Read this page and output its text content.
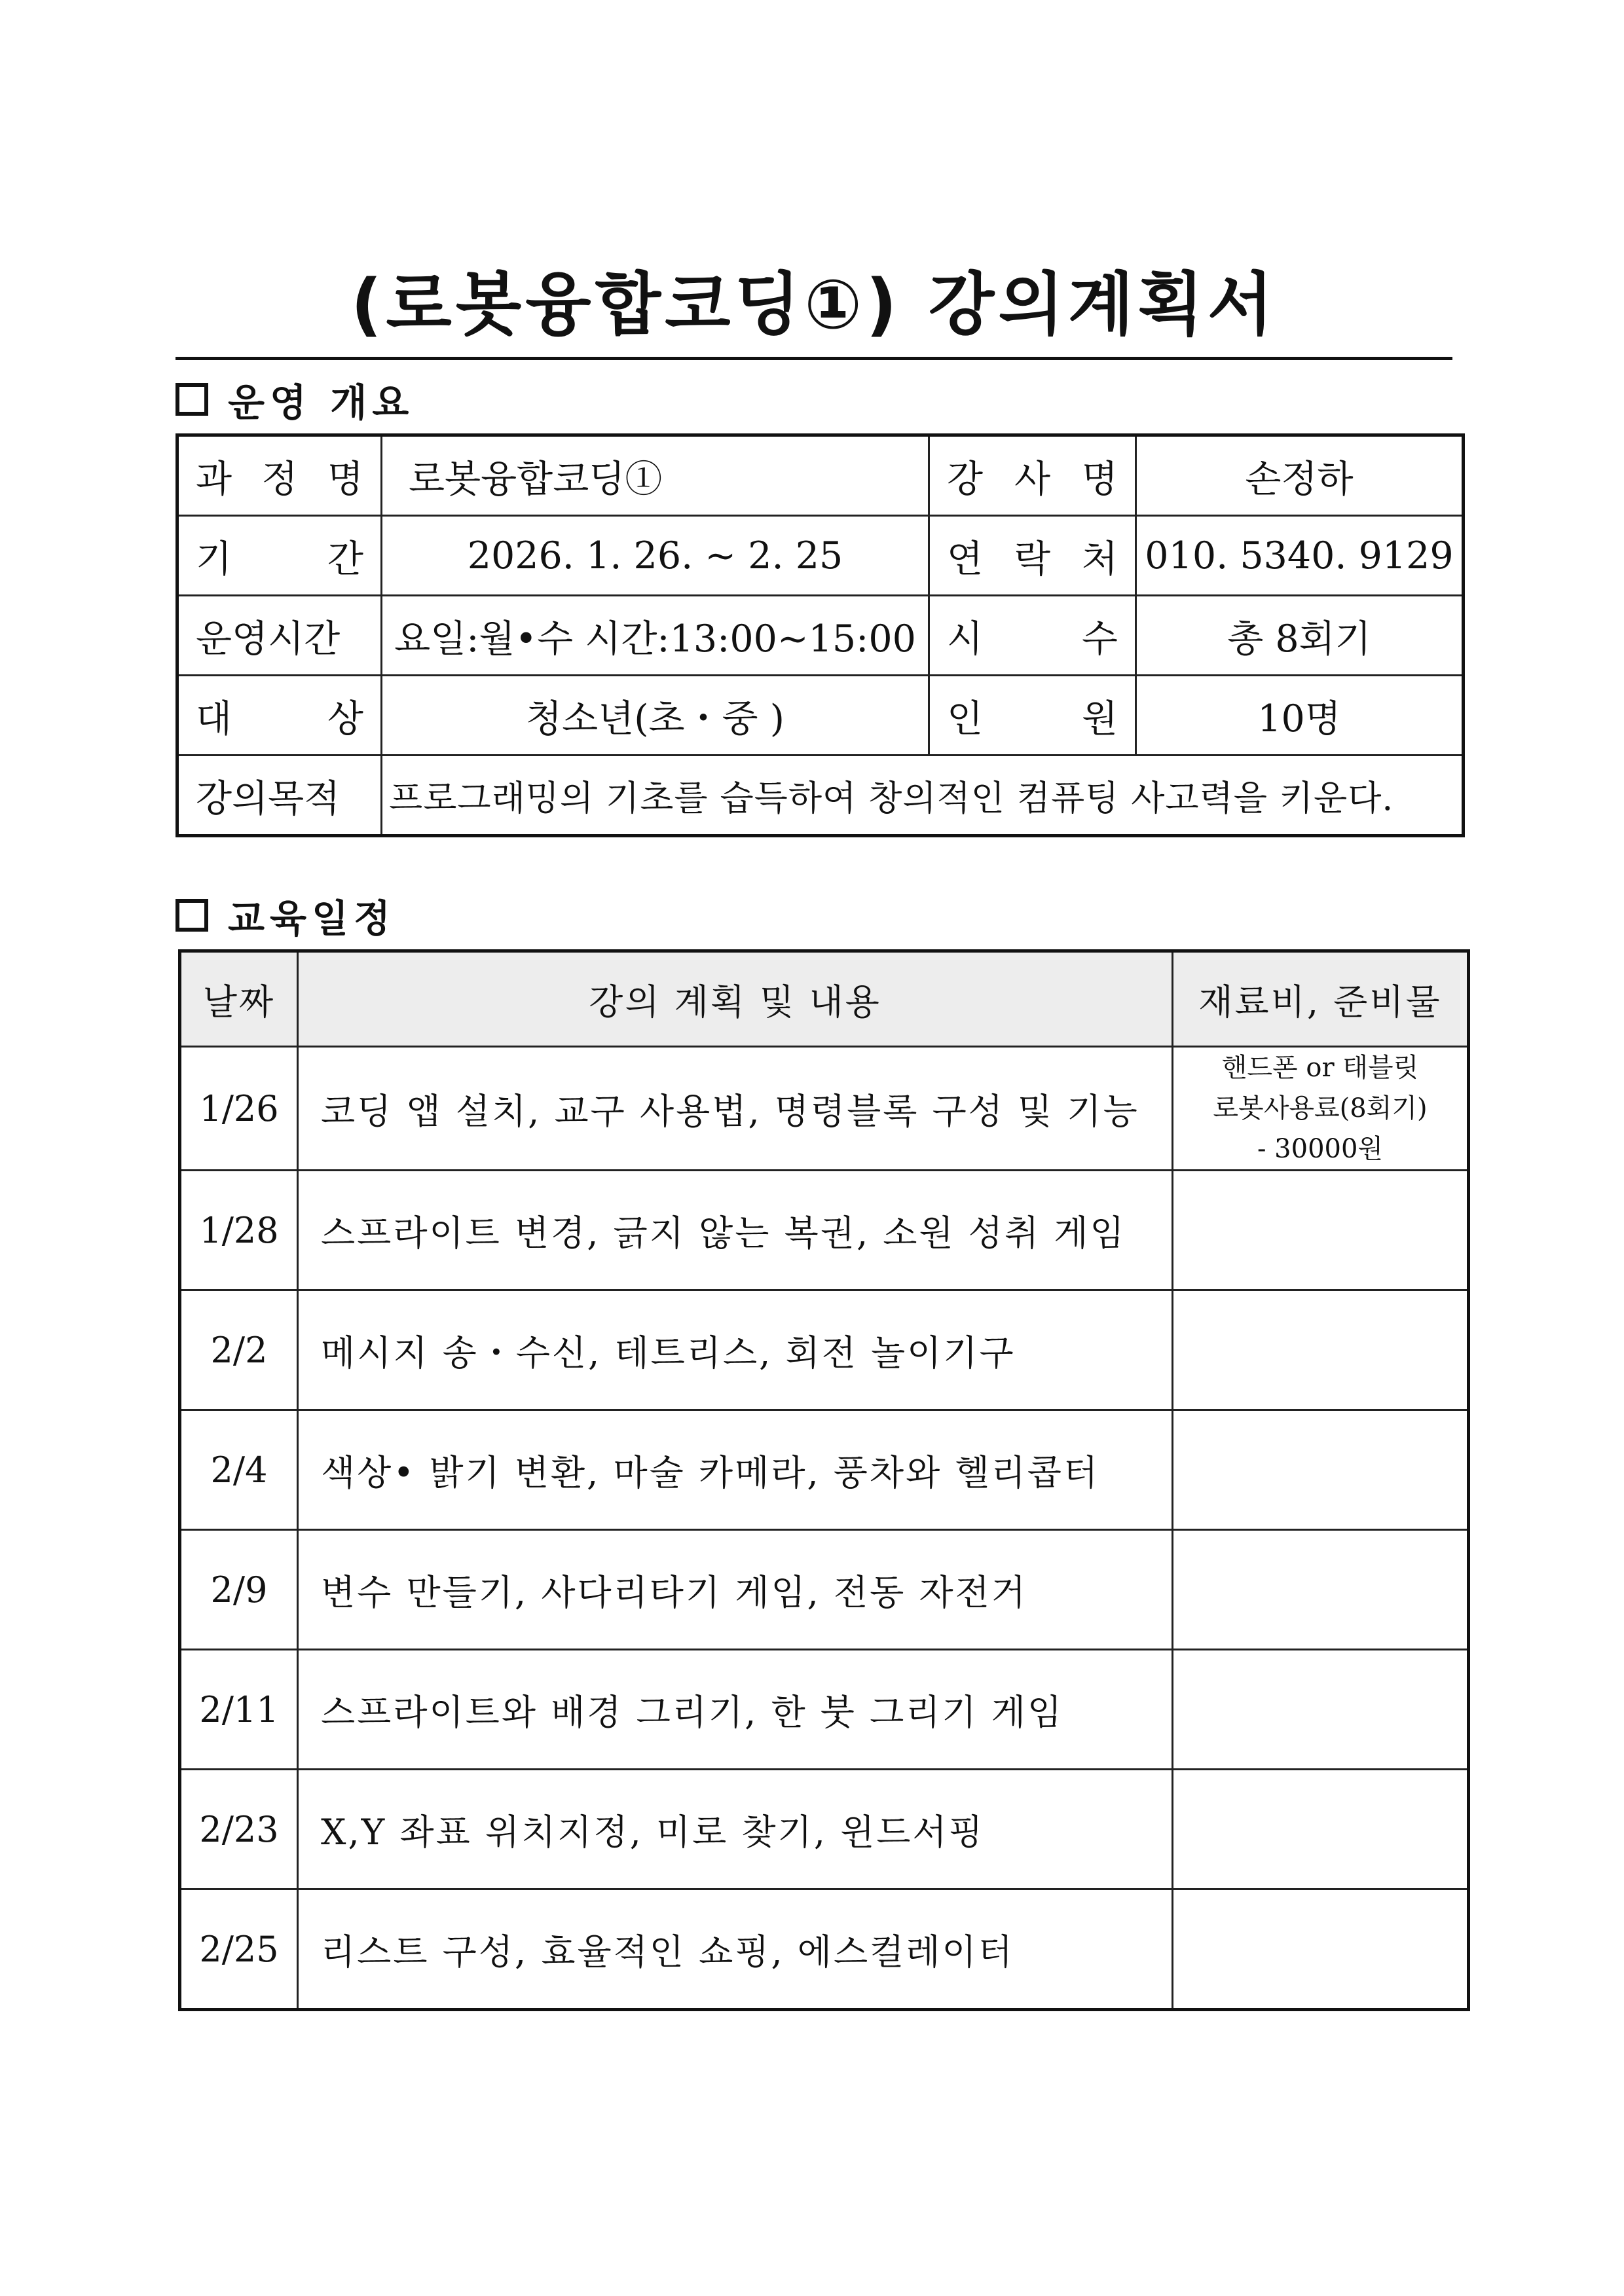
(로봇융합코딩①) 강의계획서
운영 개요
과 정 명	로봇융합코딩①	강 사 명	손정하
기 간	2026. 1. 26. ~ 2. 25	연 락 처	010. 5340. 9129
운영시간	요일:월•수 시간:13:00~15:00	시 수	총 8회기
대 상	청소년(초・중 )	인 원	10명
강의목적	프로그래밍의 기초를 습득하여 창의적인 컴퓨팅 사고력을 키운다.		
교육일정
날짜	강의 계획 및 내용	재료비, 준비물
1/26	코딩 앱 설치, 교구 사용법, 명령블록 구성 및 기능	핸드폰 or 태블릿
로봇사용료(8회기)
- 30000원

1/28	스프라이트 변경, 긁지 않는 복권, 소원 성취 게임	
2/2	메시지 송・수신, 테트리스, 회전 놀이기구	
2/4	색상• 밝기 변환, 마술 카메라, 풍차와 헬리콥터	
2/9	변수 만들기, 사다리타기 게임, 전동 자전거	
2/11	스프라이트와 배경 그리기, 한 붓 그리기 게임	
2/23	X,Y 좌표 위치지정, 미로 찾기, 윈드서핑	
2/25	리스트 구성, 효율적인 쇼핑, 에스컬레이터	
